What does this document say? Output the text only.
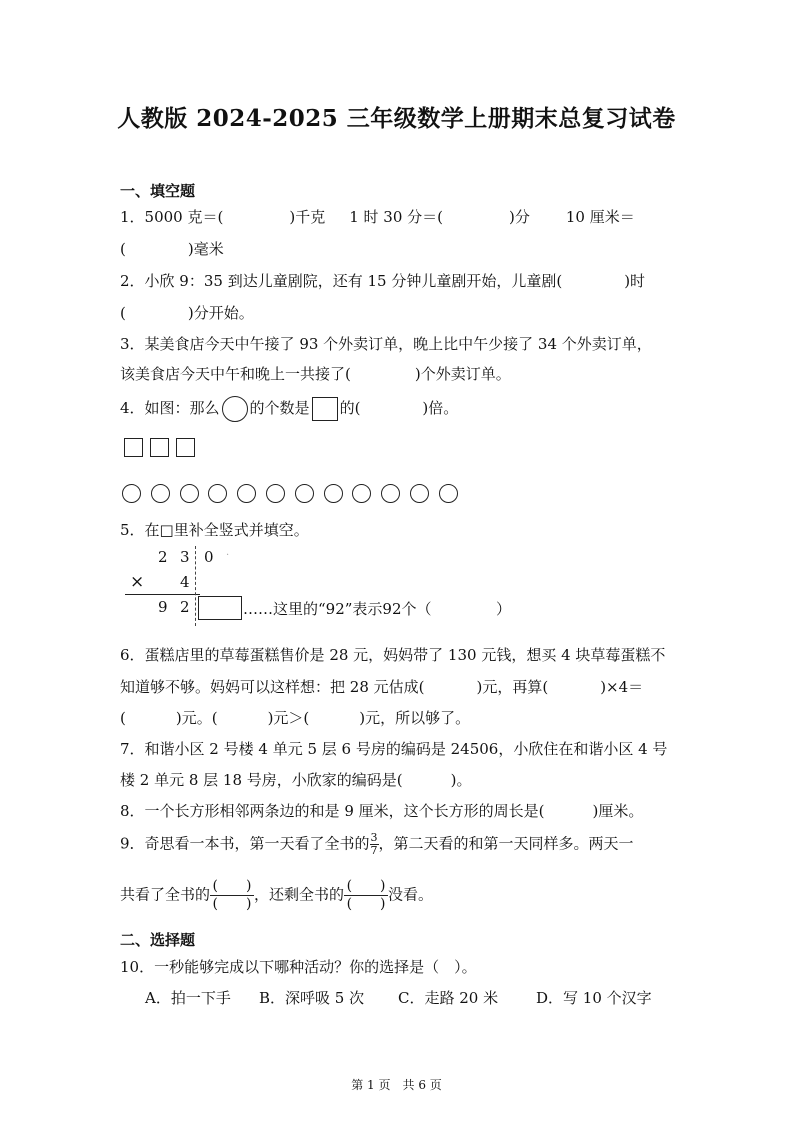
人教版 2024-2025 三年级数学上册期末总复习试卷
一、填空题
1．5000 克＝(	)千克 1 时 30 分＝(	)分 10 厘米＝
(	)毫米
2．小欣 9：35 到达儿童剧院，还有 15 分钟儿童剧开始，儿童剧(	)时
(	)分开始。
3．某美食店今天中午接了 93 个外卖订单，晚上比中午少接了 34 个外卖订单，
该美食店今天中午和晚上一共接了(	)个外卖订单。
4．如图：那么 的个数是 的(	)倍。
5．在□里补全竖式并填空。
2 3 0 ·
× 4
9 2	……这里的“92”表示92个（	）
6．蛋糕店里的草莓蛋糕售价是 28 元，妈妈带了 130 元钱，想买 4 块草莓蛋糕不
知道够不够。妈妈可以这样想：把 28 元估成(	)元，再算(	)×4＝
(	)元。(	)元＞(	)元，所以够了。
7．和谐小区 2 号楼 4 单元 5 层 6 号房的编码是 24506，小欣住在和谐小区 4 号
楼 2 单元 8 层 18 号房，小欣家的编码是(	)。
8．一个长方形相邻两条边的和是 9 厘米，这个长方形的周长是(	)厘米。
9．奇思看一本书，第一天看了全书的 $\frac{3}{7}$ ，第二天看的和第一天同样多。两天一
共看了全书的 (　　)
(　　)，还剩全书的 (　　)
(　　)没看。
二、选择题
10．一秒能够完成以下哪种活动？你的选择是（　）。
A．拍一下手 B．深呼吸 5 次 C．走路 20 米	D．写 10 个汉字
第 1 页　共 6 页
